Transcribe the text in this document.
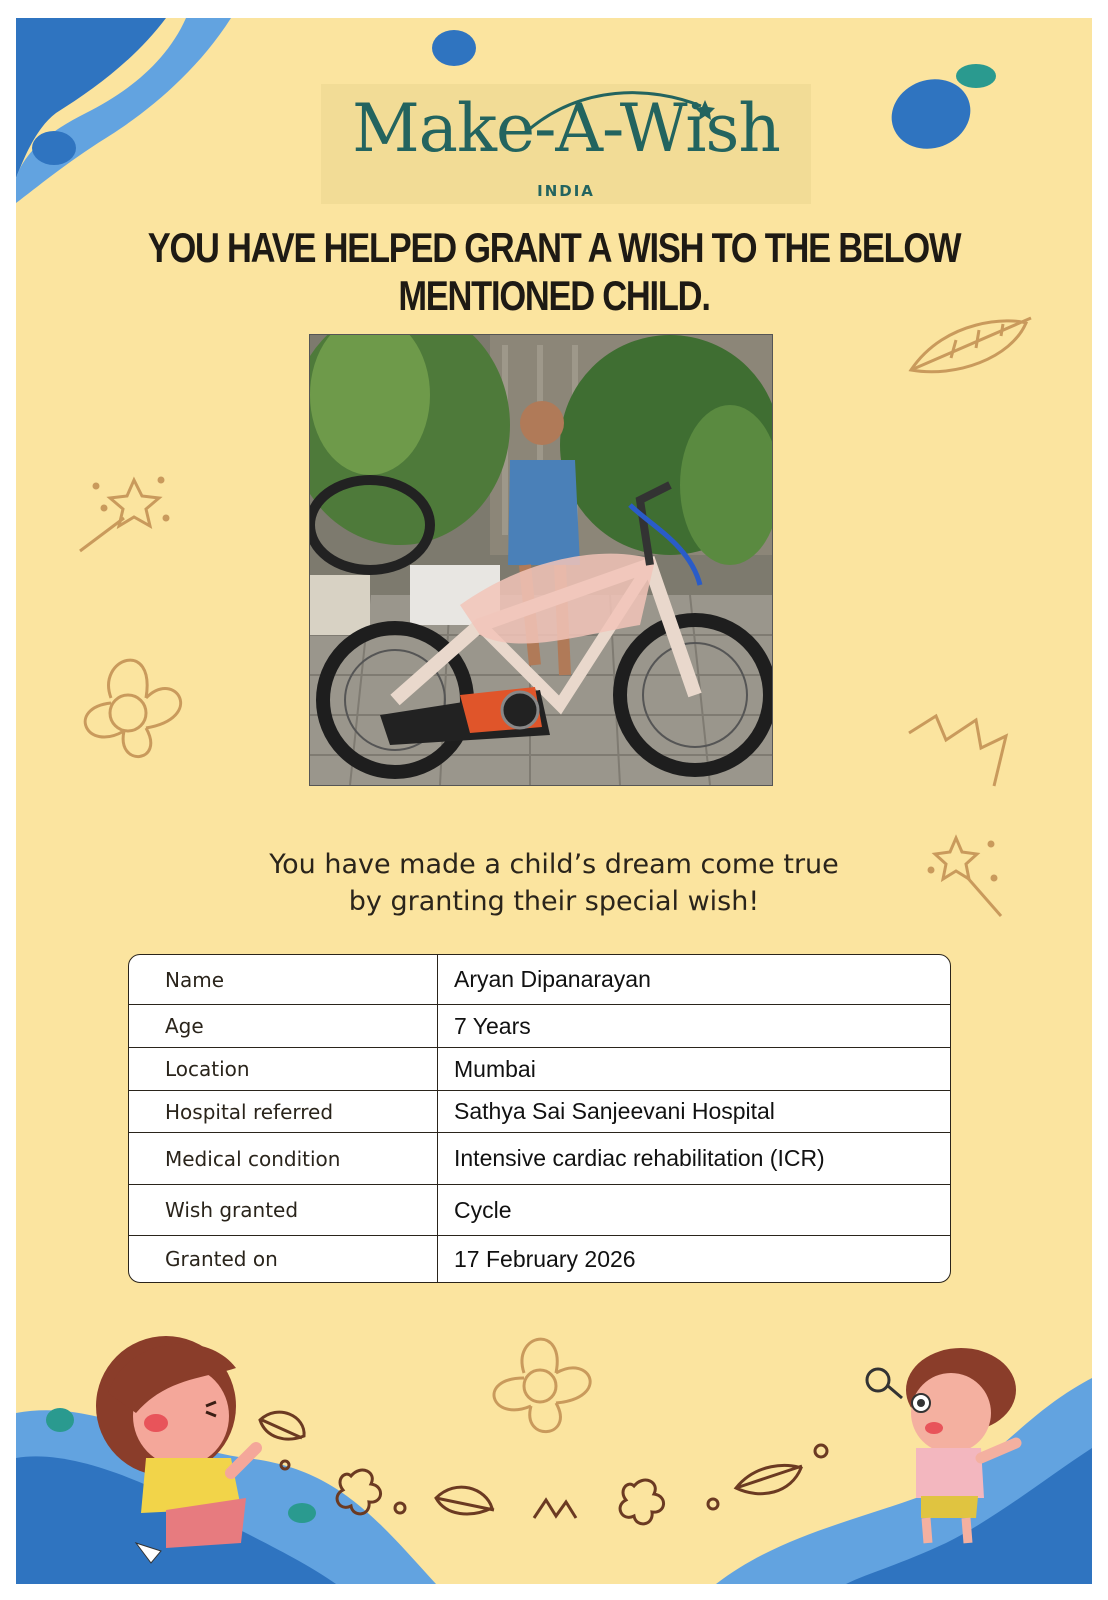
Make-A-Wish
INDIA
YOU HAVE HELPED GRANT A WISH TO THE BELOW MENTIONED CHILD.
You have made a child’s dream come true
by granting their special wish!
Name	Aryan Dipanarayan
Age	7 Years
Location	Mumbai
Hospital referred	Sathya Sai Sanjeevani Hospital
Medical condition	Intensive cardiac rehabilitation (ICR)
Wish granted	Cycle
Granted on	17 February 2026
